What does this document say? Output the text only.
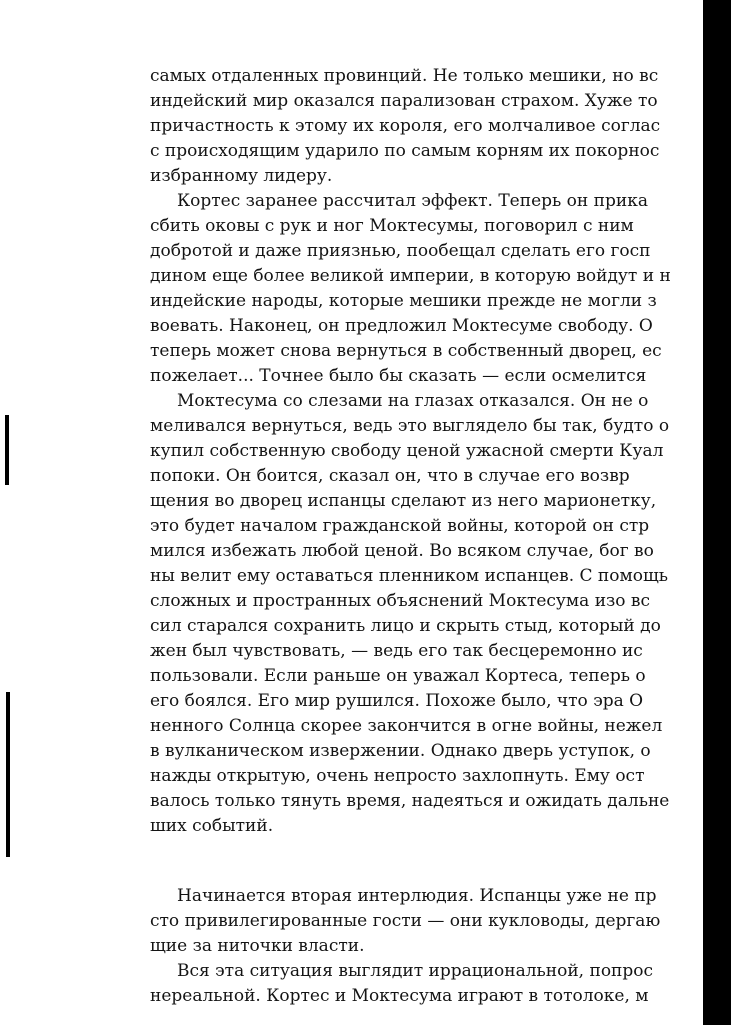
самых отдаленных провинций. Не только мешики, но вс
индейский мир оказался парализован страхом. Хуже то
причастность к этому их короля, его молчаливое соглас
с происходящим ударило по самым корням их покорнос
избранному лидеру.
Кортес заранее рассчитал эффект. Теперь он прика
сбить оковы с рук и ног Моктесумы, поговорил с ним
добротой и даже приязнью, пообещал сделать его госп
дином еще более великой империи, в которую войдут и н
индейские народы, которые мешики прежде не могли з
воевать. Наконец, он предложил Моктесуме свободу. О
теперь может снова вернуться в собственный дворец, ес
пожелает... Точнее было бы сказать — если осмелится
Моктесума со слезами на глазах отказался. Он не о
меливался вернуться, ведь это выглядело бы так, будто о
купил собственную свободу ценой ужасной смерти Куал
попоки. Он боится, сказал он, что в случае его возвр
щения во дворец испанцы сделают из него марионетку,
это будет началом гражданской войны, которой он стр
мился избежать любой ценой. Во всяком случае, бог во
ны велит ему оставаться пленником испанцев. С помощь
сложных и пространных объяснений Моктесума изо вс
сил старался сохранить лицо и скрыть стыд, который до
жен был чувствовать, — ведь его так бесцеремонно ис
пользовали. Если раньше он уважал Кортеса, теперь о
его боялся. Его мир рушился. Похоже было, что эра О
ненного Солнца скорее закончится в огне войны, нежел
в вулканическом извержении. Однако дверь уступок, о
нажды открытую, очень непросто захлопнуть. Ему ост
валось только тянуть время, надеяться и ожидать дальне
ших событий.
Начинается вторая интерлюдия. Испанцы уже не пр
сто привилегированные гости — они кукловоды, дергаю
щие за ниточки власти.
Вся эта ситуация выглядит иррациональной, попрос
нереальной. Кортес и Моктесума играют в тотолоке, м
